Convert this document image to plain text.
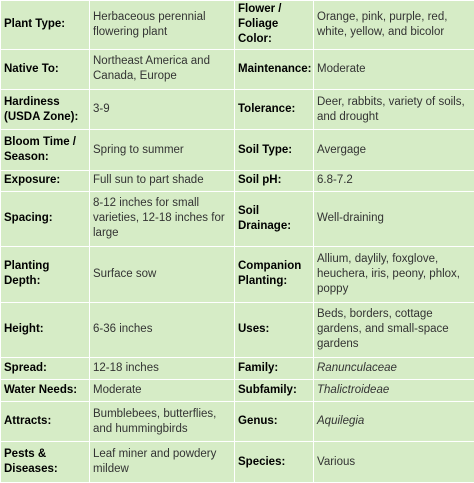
Plant Type:	Herbaceous perennial flowering plant	Flower / Foliage Color:	Orange, pink, purple, red, white, yellow, and bicolor
Native To:	Northeast America and Canada, Europe	Maintenance:	Moderate
Hardiness (USDA Zone):	3-9	Tolerance:	Deer, rabbits, variety of soils, and drought
Bloom Time / Season:	Spring to summer	Soil Type:	Avergage
Exposure:	Full sun to part shade	Soil pH:	6.8-7.2
Spacing:	8-12 inches for small varieties, 12-18 inches for large	Soil Drainage:	Well-draining
Planting Depth:	Surface sow	Companion Planting:	Allium, daylily, foxglove, heuchera, iris, peony, phlox, poppy
Height:	6-36 inches	Uses:	Beds, borders, cottage gardens, and small-space gardens
Spread:	12-18 inches	Family:	Ranunculaceae
Water Needs:	Moderate	Subfamily:	Thalictroideae
Attracts:	Bumblebees, butterflies, and hummingbirds	Genus:	Aquilegia
Pests & Diseases:	Leaf miner and powdery mildew	Species:	Various
